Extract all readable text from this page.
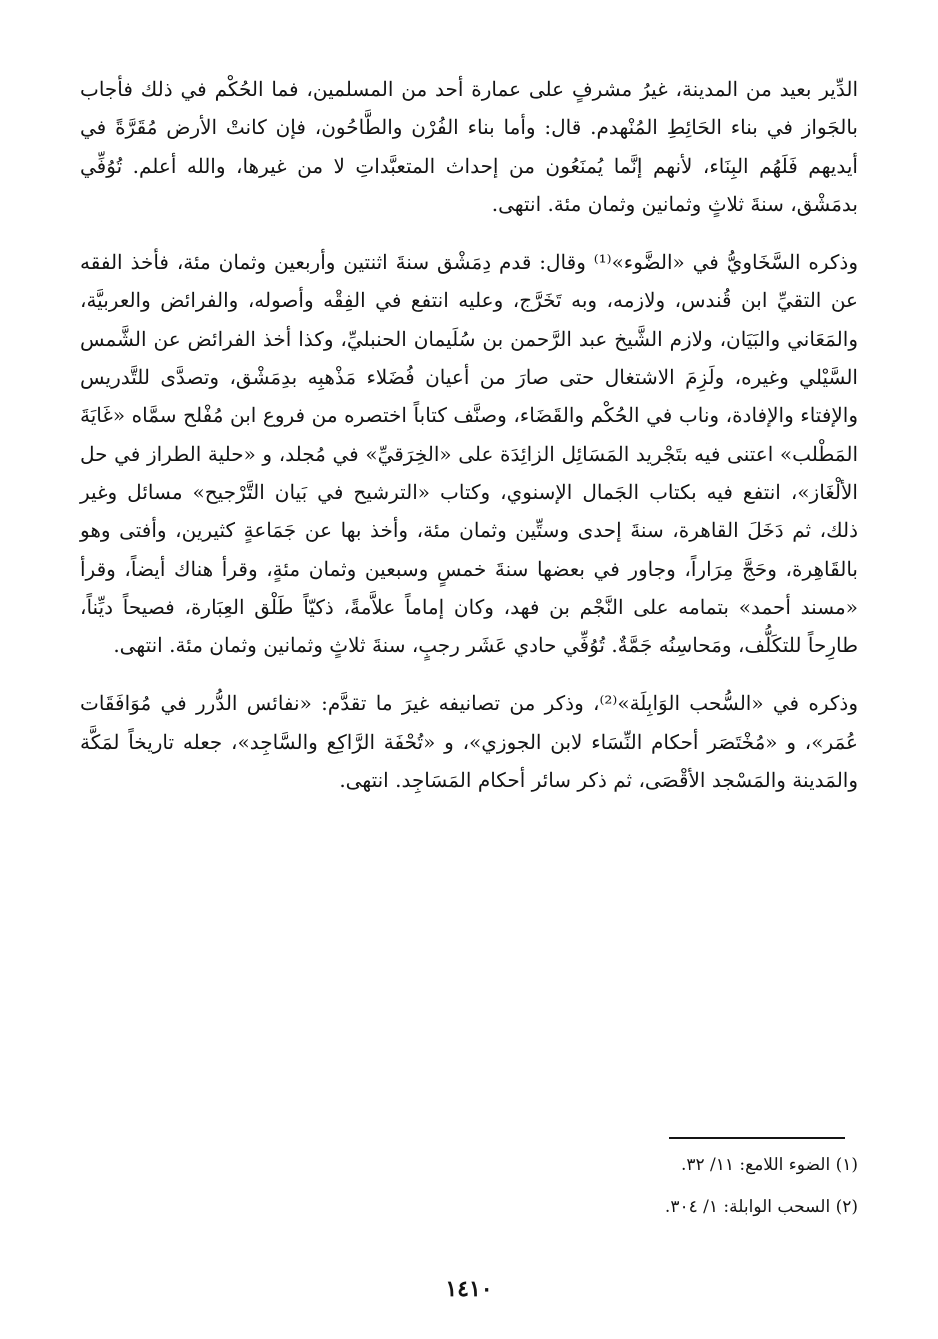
الدِّير بعيد من المدينة، غيرُ مشرفٍ على عمارة أحد من المسلمين، فما الحُكْم في ذلك فأجاب بالجَواز في بناء الحَائِطِ المُنْهدم. قال: وأما بناء الفُرْن والطَّاحُون، فإن كانتْ الأرض مُقَرَّةً في أيديهم فَلَهُم البِنَاء، لأنهم إنَّما يُمنَعُون من إحداث المتعبَّداتِ لا من غيرها، والله أعلم. تُوُفِّي بدمَشْق، سنةَ ثلاثٍ وثمانين وثمان مئة. انتهى.

وذكره السَّخَاويُّ في «الضَّوء»⁽¹⁾ وقال: قدم دِمَشْق سنةَ اثنتين وأربعين وثمان مئة، فأخذ الفقه عن التقيِّ ابن قُندس، ولازمه، وبه تَخَرَّج، وعليه انتفع في الفِقْه وأصوله، والفرائض والعربيَّة، والمَعَاني والبَيَان، ولازم الشَّيخ عبد الرَّحمن بن سُلَيمان الحنبليِّ، وكذا أخذ الفرائض عن الشَّمس السَّيْلي وغيره، ولَزِمَ الاشتغال حتى صارَ من أعيان فُضَلاء مَذْهبِه بدِمَشْق، وتصدَّى للتَّدريس والإفتاء والإفادة، وناب في الحُكْم والقَضَاء، وصنَّف كتاباً اختصره من فروع ابن مُفْلح سمَّاه «غَايَةَ المَطْلب» اعتنى فيه بتَجْريد المَسَائِل الزائِدَة على «الخِرَقيِّ» في مُجلد، و «حلية الطراز في حل الألْغَاز»، انتفع فيه بكتاب الجَمال الإسنوي، وكتاب «الترشيح في بَيان التَّرْجيح» مسائل وغير ذلك، ثم دَخَلَ القاهرة، سنةَ إحدى وستِّين وثمان مئة، وأخذ بها عن جَمَاعةٍ كثيرين، وأفتى وهو بالقَاهِرة، وحَجَّ مِرَاراً، وجاور في بعضها سنةَ خمسٍ وسبعين وثمان مئةٍ، وقرأ هناك أيضاً، وقرأ «مسند أحمد» بتمامه على النَّجْم بن فهد، وكان إماماً علاَّمةً، ذكيّاً طَلْق العِبَارة، فصيحاً ديِّناً، طارِحاً للتكَلُّف، ومَحاسِنُه جَمَّةٌ. تُوُفِّي حادي عَشَر رجبٍ، سنةَ ثلاثٍ وثمانين وثمان مئة. انتهى.

وذكره في «السُّحب الوَابِلَة»⁽²⁾، وذكر من تصانيفه غيرَ ما تقدَّم: «نفائس الدُّرر في مُوَافَقَات عُمَر»، و «مُخْتَصَر أحكام النِّسَاء لابن الجوزي»، و «تُحْفَة الرَّاكِع والسَّاجِد»، جعله تاريخاً لمَكَّة والمَدينة والمَسْجد الأقْصَى، ثم ذكر سائر أحكام المَسَاجِد. انتهى.

(١) الضوء اللامع: ١١/ ٣٢.

(٢) السحب الوابلة: ١/ ٣٠٤.

١٤١٠
